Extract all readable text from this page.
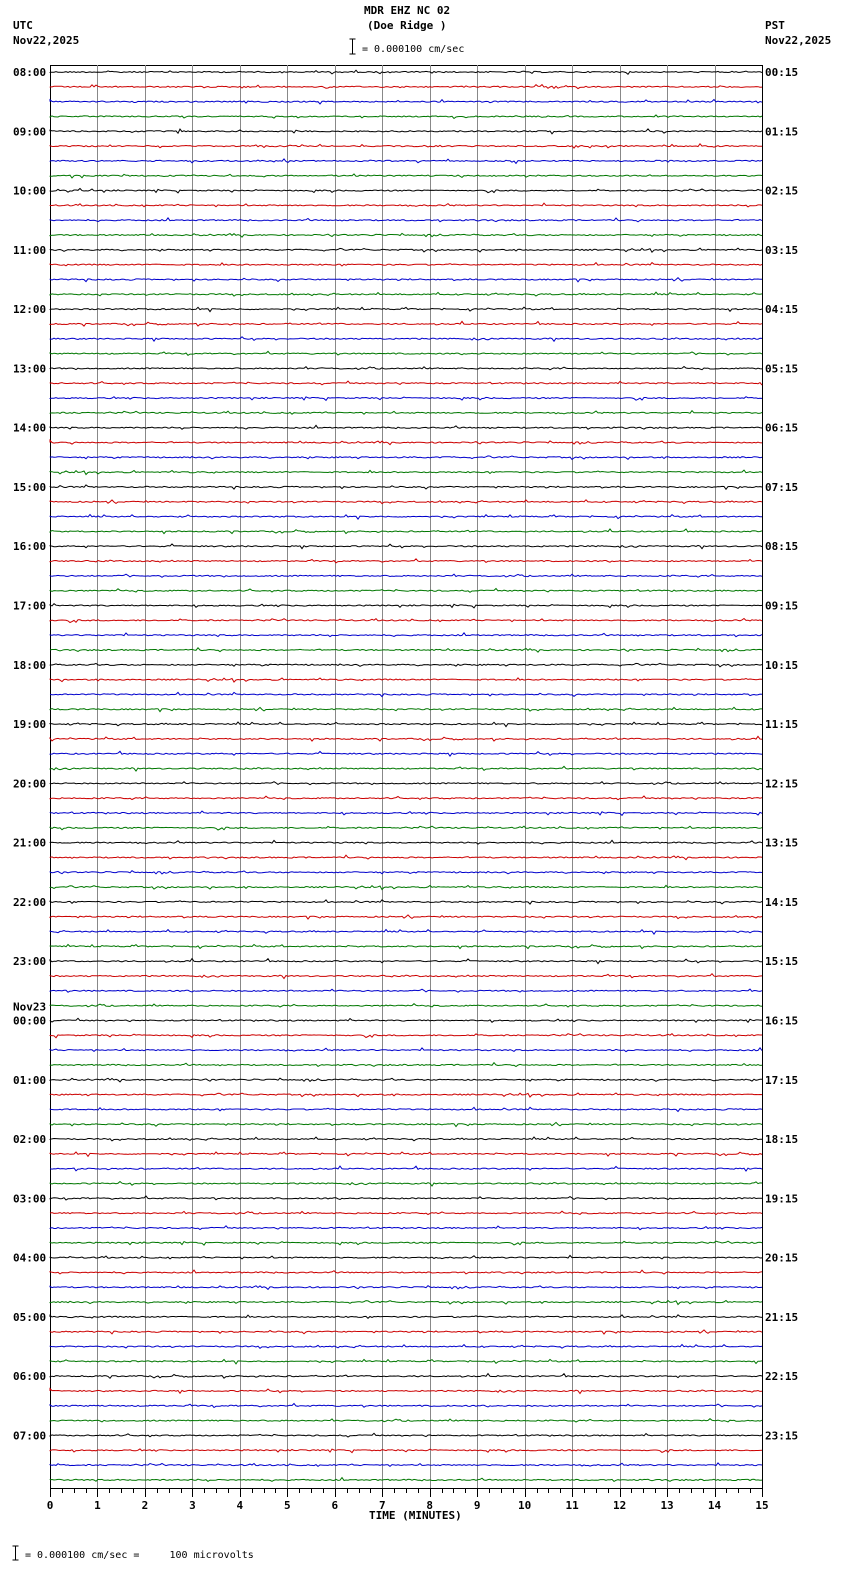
MDR EHZ NC 02
(Doe Ridge )
= 0.000100 cm/sec
UTC
Nov22,2025
PST
Nov22,2025
TIME (MINUTES)
= 0.000100 cm/sec =     100 microvolts
0	1	2	3	4	5	6	7	8	9	10	11	12	13	14	15
08:00
09:00
10:00
11:00
12:00
13:00
14:00
15:00
16:00
17:00
18:00
19:00
20:00
21:00
22:00
23:00
00:00
Nov23
01:00
02:00
03:00
04:00
05:00
06:00
07:00
00:15
01:15
02:15
03:15
04:15
05:15
06:15
07:15
08:15
09:15
10:15
11:15
12:15
13:15
14:15
15:15
16:15
17:15
18:15
19:15
20:15
21:15
22:15
23:15
